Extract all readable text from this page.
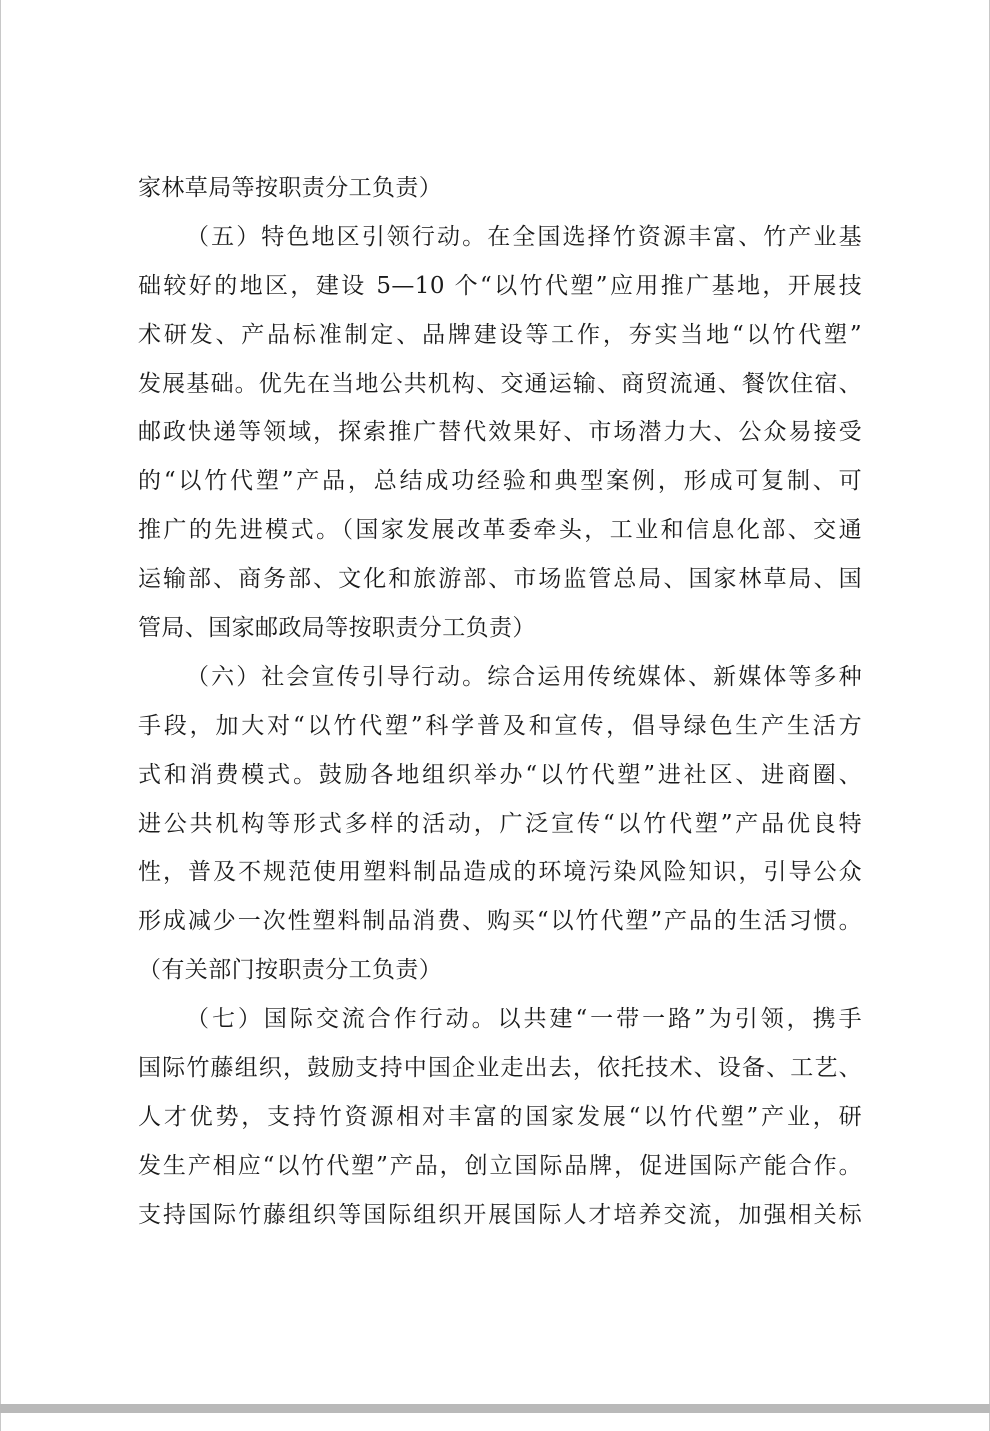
家林草局等按职责分工负责）
（五）特色地区引领行动。在全国选择竹资源丰富、竹产业基
础较好的地区，建设 5—10 个“以竹代塑”应用推广基地，开展技
术研发、产品标准制定、品牌建设等工作，夯实当地“以竹代塑”
发展基础。优先在当地公共机构、交通运输、商贸流通、餐饮住宿、
邮政快递等领域，探索推广替代效果好、市场潜力大、公众易接受
的“以竹代塑”产品，总结成功经验和典型案例，形成可复制、可
推广的先进模式。（国家发展改革委牵头，工业和信息化部、交通
运输部、商务部、文化和旅游部、市场监管总局、国家林草局、国
管局、国家邮政局等按职责分工负责）
（六）社会宣传引导行动。综合运用传统媒体、新媒体等多种
手段，加大对“以竹代塑”科学普及和宣传，倡导绿色生产生活方
式和消费模式。鼓励各地组织举办“以竹代塑”进社区、进商圈、
进公共机构等形式多样的活动，广泛宣传“以竹代塑”产品优良特
性，普及不规范使用塑料制品造成的环境污染风险知识，引导公众
形成减少一次性塑料制品消费、购买“以竹代塑”产品的生活习惯。
（有关部门按职责分工负责）
（七）国际交流合作行动。以共建“一带一路”为引领，携手
国际竹藤组织，鼓励支持中国企业走出去，依托技术、设备、工艺、
人才优势，支持竹资源相对丰富的国家发展“以竹代塑”产业，研
发生产相应“以竹代塑”产品，创立国际品牌，促进国际产能合作。
支持国际竹藤组织等国际组织开展国际人才培养交流，加强相关标
